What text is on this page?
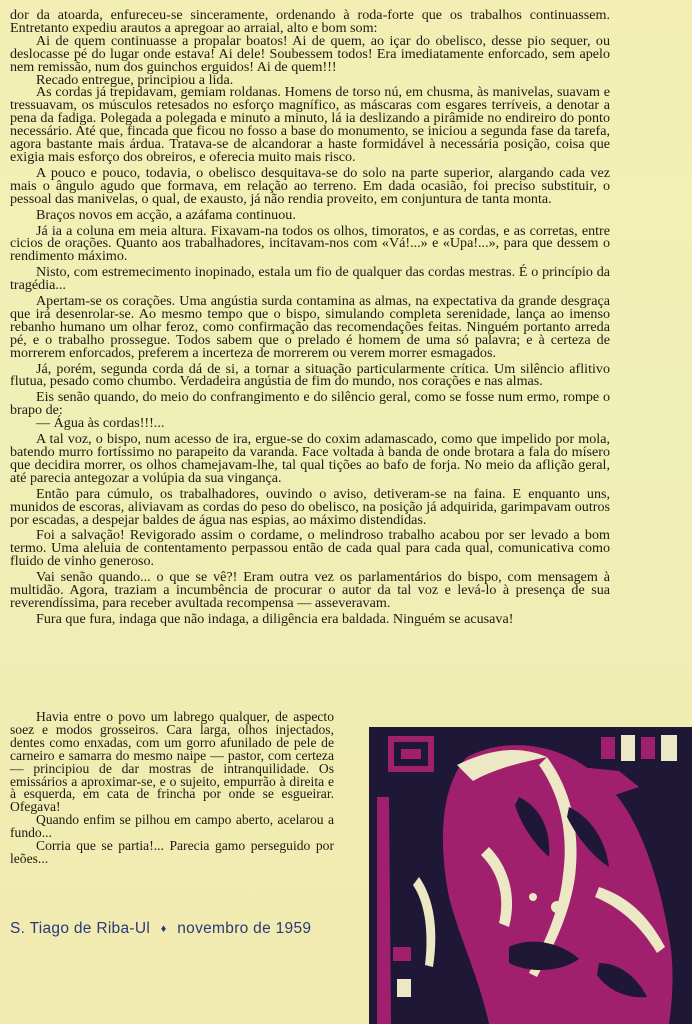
dor da atoarda, enfureceu-se sinceramente, ordenando à roda-forte que os trabalhos continuassem. Entretanto expediu arautos a apregoar ao arraial, alto e bom som:

Ai de quem continuasse a propalar boatos! Ai de quem, ao içar do obelisco, desse pio sequer, ou deslocasse pé do lugar onde estava! Ai dele! Soubessem todos! Era imediatamente enforcado, sem apelo nem remissão, num dos guinchos erguidos! Ai de quem!!!

Recado entregue, principiou a lida.

As cordas já trepidavam, gemiam roldanas. Homens de torso nú, em chusma, às manivelas, suavam e tressuavam, os músculos retesados no esforço magnífico, as máscaras com esgares terríveis, a denotar a pena da fadiga. Polegada a polegada e minuto a minuto, lá ia deslizando a pirâmide no endireiro do ponto necessário. Até que, fincada que ficou no fosso a base do monumento, se iniciou a segunda fase da tarefa, agora bastante mais árdua. Tratava-se de alcandorar a haste formidável à necessária posição, coisa que exigia mais esforço dos obreiros, e oferecia muito mais risco.

A pouco e pouco, todavia, o obelisco desquitava-se do solo na parte superior, alargando cada vez mais o ângulo agudo que formava, em relação ao terreno. Em dada ocasião, foi preciso substituir, o pessoal das manivelas, o qual, de exausto, já não rendia proveito, em conjuntura de tanta monta.

Braços novos em acção, a azáfama continuou.

Já ia a coluna em meia altura. Fixavam-na todos os olhos, timoratos, e as cordas, e as corretas, entre cicios de orações. Quanto aos trabalhadores, incitavam-nos com «Vá!...» e «Upa!...», para que dessem o rendimento máximo.

Nisto, com estremecimento inopinado, estala um fio de qualquer das cordas mestras. É o princípio da tragédia...

Apertam-se os corações. Uma angústia surda contamina as almas, na expectativa da grande desgraça que irá desenrolar-se. Ao mesmo tempo que o bispo, simulando completa serenidade, lança ao imenso rebanho humano um olhar feroz, como confirmação das recomendações feitas. Ninguém portanto arreda pé, e o trabalho prossegue. Todos sabem que o prelado é homem de uma só palavra; e à certeza de morrerem enforcados, preferem a incerteza de morrerem ou verem morrer esmagados.

Já, porém, segunda corda dá de si, a tornar a situação particularmente crítica. Um silêncio aflitivo flutua, pesado como chumbo. Verdadeira angústia de fim do mundo, nos corações e nas almas.

Eis senão quando, do meio do confrangimento e do silêncio geral, como se fosse num ermo, rompe o brapo de:

— Água às cordas!!!...

A tal voz, o bispo, num acesso de ira, ergue-se do coxim adamascado, como que impelido por mola, batendo murro fortíssimo no parapeito da varanda. Face voltada à banda de onde brotara a fala do mísero que decidira morrer, os olhos chamejavam-lhe, tal qual tições ao bafo de forja. No meio da aflição geral, até parecia antegozar a volúpia da sua vingança.

Então para cúmulo, os trabalhadores, ouvindo o aviso, detiveram-se na faina. E enquanto uns, munidos de escoras, aliviavam as cordas do peso do obelisco, na posição já adquirida, garimpavam outros por escadas, a despejar baldes de água nas espias, ao máximo distendidas.

Foi a salvação! Revigorado assim o cordame, o melindroso trabalho acabou por ser levado a bom termo. Uma aleluia de contentamento perpassou então de cada qual para cada qual, comunicativa como fluido de vinho generoso.

Vai senão quando... o que se vê?! Eram outra vez os parlamentários do bispo, com mensagem à multidão. Agora, traziam a incumbência de procurar o autor da tal voz e levá-lo à presença de sua reverendíssima, para receber avultada recompensa — asseveravam.

Fura que fura, indaga que não indaga, a diligência era baldada. Ninguém se acusava!

Havia entre o povo um labrego qualquer, de aspecto soez e modos grosseiros. Cara larga, olhos injectados, dentes como enxadas, com um gorro afunilado de pele de carneiro e samarra do mesmo naipe — pastor, com certeza — principiou de dar mostras de intranquilidade. Os emissários a aproximar-se, e o sujeito, empurrão à direita e à esquerda, em cata de frincha por onde se esgueirar. Ofegava!

Quando enfim se pilhou em campo aberto, acelarou a fundo...

Corria que se partia!... Parecia gamo perseguido por leões...

S. Tiago de Riba-Ul ♦ novembro de 1959
